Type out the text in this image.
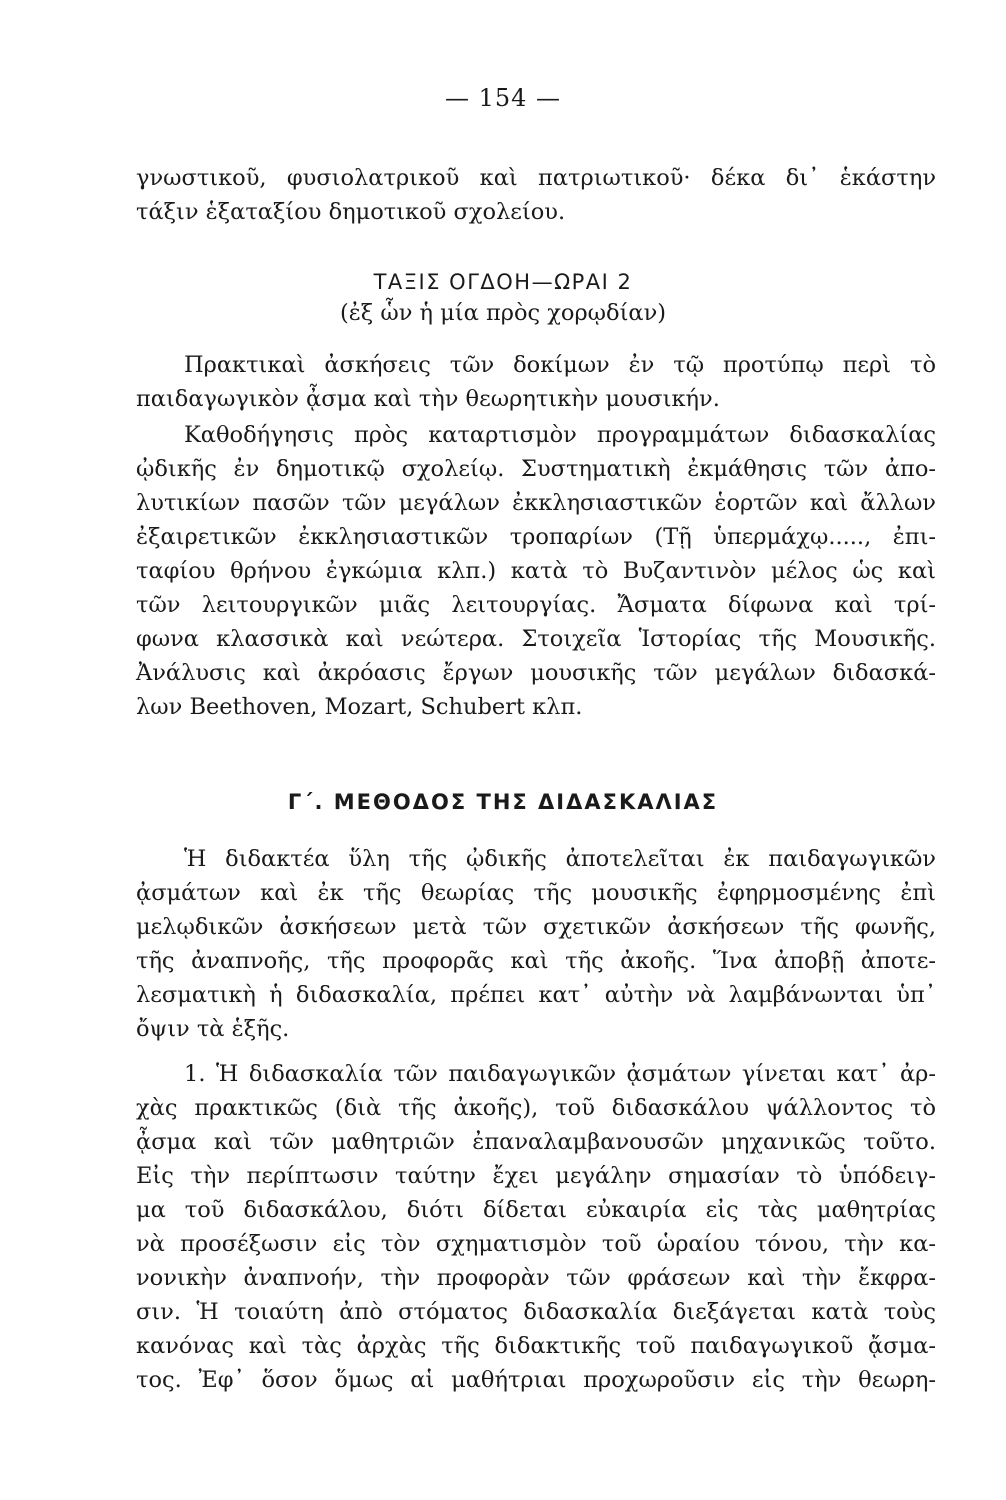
— 154 —
γνωστικοῦ, φυσιολατρικοῦ καὶ πατριωτικοῦ· δέκα δι᾽ ἑκάστην
τάξιν ἑξαταξίου δημοτικοῦ σχολείου.
ΤΑΞΙΣ ΟΓΔΟΗ—ΩΡΑΙ 2
(ἐξ ὧν ἡ μία πρὸς χορῳδίαν)
Πρακτικαὶ ἀσκήσεις τῶν δοκίμων ἐν τῷ προτύπῳ περὶ τὸ
παιδαγωγικὸν ᾆσμα καὶ τὴν θεωρητικὴν μουσικήν.
Καθοδήγησις πρὸς καταρτισμὸν προγραμμάτων διδασκαλίας
ᾠδικῆς ἐν δημοτικῷ σχολείῳ. Συστηματικὴ ἐκμάθησις τῶν ἀπο-
λυτικίων πασῶν τῶν μεγάλων ἐκκλησιαστικῶν ἑορτῶν καὶ ἄλλων
ἐξαιρετικῶν ἐκκλησιαστικῶν τροπαρίων (Τῇ ὑπερμάχῳ....., ἐπι-
ταφίου θρήνου ἐγκώμια κλπ.) κατὰ τὸ Βυζαντινὸν μέλος ὡς καὶ
τῶν λειτουργικῶν μιᾶς λειτουργίας. Ἄσματα δίφωνα καὶ τρί-
φωνα κλασσικὰ καὶ νεώτερα. Στοιχεῖα Ἱστορίας τῆς Μουσικῆς.
Ἀνάλυσις καὶ ἀκρόασις ἔργων μουσικῆς τῶν μεγάλων διδασκά-
λων Beethoven, Mozart, Schubert κλπ.
Γ΄. ΜΕΘΟΔΟΣ ΤΗΣ ΔΙΔΑΣΚΑΛΙΑΣ
Ἡ διδακτέα ὕλη τῆς ᾠδικῆς ἀποτελεῖται ἐκ παιδαγωγικῶν
ᾀσμάτων καὶ ἐκ τῆς θεωρίας τῆς μουσικῆς ἐφηρμοσμένης ἐπὶ
μελῳδικῶν ἀσκήσεων μετὰ τῶν σχετικῶν ἀσκήσεων τῆς φωνῆς,
τῆς ἀναπνοῆς, τῆς προφορᾶς καὶ τῆς ἀκοῆς. Ἵνα ἀποβῇ ἀποτε-
λεσματικὴ ἡ διδασκαλία, πρέπει κατ᾽ αὐτὴν νὰ λαμβάνωνται ὑπ᾽
ὄψιν τὰ ἑξῆς.
1. Ἡ διδασκαλία τῶν παιδαγωγικῶν ᾀσμάτων γίνεται κατ᾽ ἀρ-
χὰς πρακτικῶς (διὰ τῆς ἀκοῆς), τοῦ διδασκάλου ψάλλοντος τὸ
ᾆσμα καὶ τῶν μαθητριῶν ἐπαναλαμβανουσῶν μηχανικῶς τοῦτο.
Εἰς τὴν περίπτωσιν ταύτην ἔχει μεγάλην σημασίαν τὸ ὑπόδειγ-
μα τοῦ διδασκάλου, διότι δίδεται εὐκαιρία εἰς τὰς μαθητρίας
νὰ προσέξωσιν εἰς τὸν σχηματισμὸν τοῦ ὡραίου τόνου, τὴν κα-
νονικὴν ἀναπνοήν, τὴν προφορὰν τῶν φράσεων καὶ τὴν ἔκφρα-
σιν. Ἡ τοιαύτη ἀπὸ στόματος διδασκαλία διεξάγεται κατὰ τοὺς
κανόνας καὶ τὰς ἀρχὰς τῆς διδακτικῆς τοῦ παιδαγωγικοῦ ᾄσμα-
τος. Ἐφ᾽ ὅσον ὅμως αἱ μαθήτριαι προχωροῦσιν εἰς τὴν θεωρη-
